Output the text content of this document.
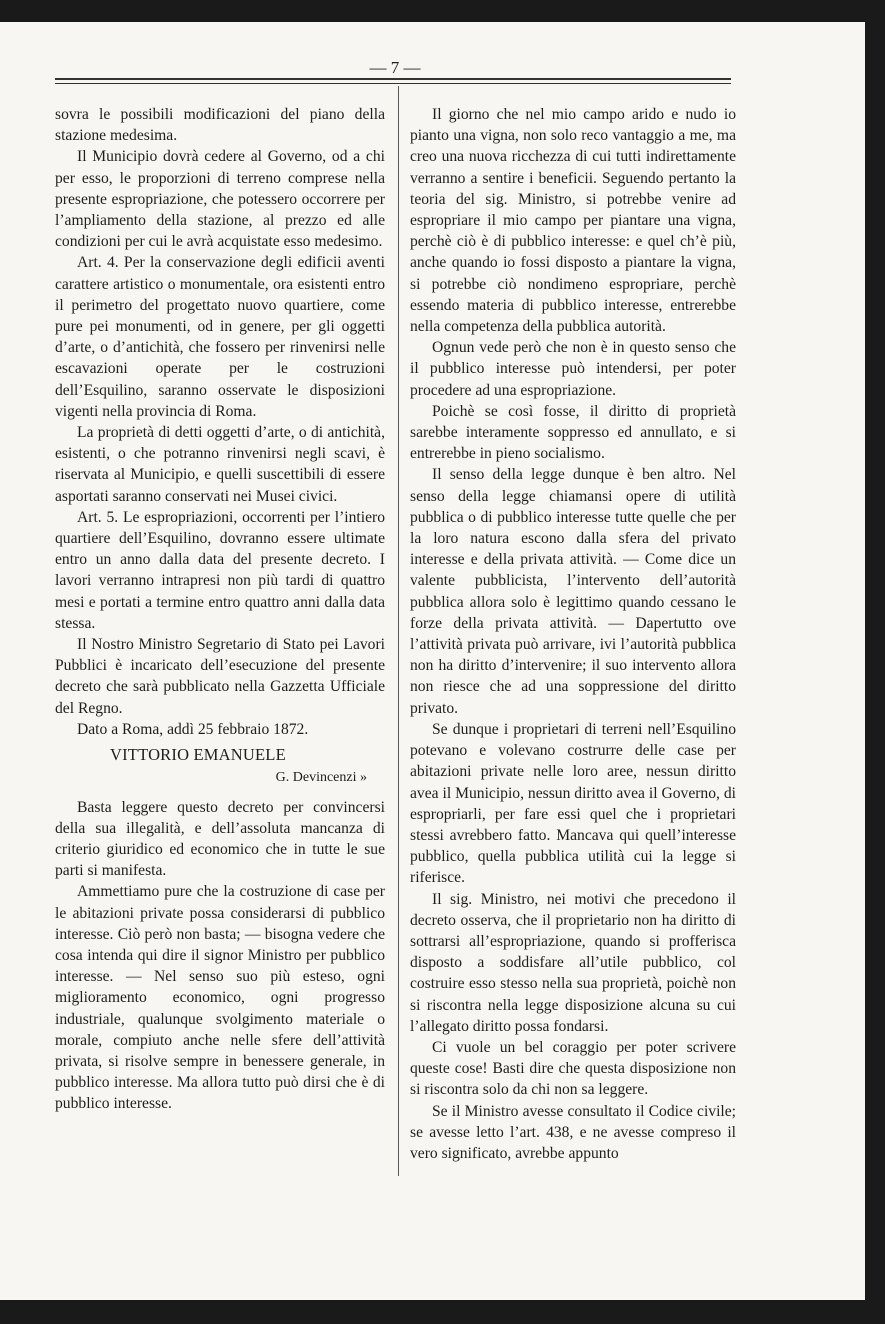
— 7 —

sovra le possibili modificazioni del piano della stazione medesima.

Il Municipio dovrà cedere al Governo, od a chi per esso, le proporzioni di terreno comprese nella presente espropriazione, che potessero occorrere per l’ampliamento della stazione, al prezzo ed alle condizioni per cui le avrà acquistate esso medesimo.

Art. 4. Per la conservazione degli edificii aventi carattere artistico o monumentale, ora esistenti entro il perimetro del progettato nuovo quartiere, come pure pei monumenti, od in genere, per gli oggetti d’arte, o d’antichità, che fossero per rinvenirsi nelle escavazioni operate per le costruzioni dell’Esquilino, saranno osservate le disposizioni vigenti nella provincia di Roma.

La proprietà di detti oggetti d’arte, o di antichità, esistenti, o che potranno rinvenirsi negli scavi, è riservata al Municipio, e quelli suscettibili di essere asportati saranno conservati nei Musei civici.

Art. 5. Le espropriazioni, occorrenti per l’intiero quartiere dell’Esquilino, dovranno essere ultimate entro un anno dalla data del presente decreto. I lavori verranno intrapresi non più tardi di quattro mesi e portati a termine entro quattro anni dalla data stessa.

Il Nostro Ministro Segretario di Stato pei Lavori Pubblici è incaricato dell’esecuzione del presente decreto che sarà pubblicato nella Gazzetta Ufficiale del Regno.

Dato a Roma, addì 25 febbraio 1872.

VITTORIO EMANUELE

G. Devincenzi »

Basta leggere questo decreto per convincersi della sua illegalità, e dell’assoluta mancanza di criterio giuridico ed economico che in tutte le sue parti si manifesta.

Ammettiamo pure che la costruzione di case per le abitazioni private possa considerarsi di pubblico interesse. Ciò però non basta; — bisogna vedere che cosa intenda qui dire il signor Ministro per pubblico interesse. — Nel senso suo più esteso, ogni miglioramento economico, ogni progresso industriale, qualunque svolgimento materiale o morale, compiuto anche nelle sfere dell’attività privata, si risolve sempre in benessere generale, in pubblico interesse. Ma allora tutto può dirsi che è di pubblico interesse.

Il giorno che nel mio campo arido e nudo io pianto una vigna, non solo reco vantaggio a me, ma creo una nuova ricchezza di cui tutti indirettamente verranno a sentire i beneficii. Seguendo pertanto la teoria del sig. Ministro, si potrebbe venire ad espropriare il mio campo per piantare una vigna, perchè ciò è di pubblico interesse: e quel ch’è più, anche quando io fossi disposto a piantare la vigna, si potrebbe ciò nondimeno espropriare, perchè essendo materia di pubblico interesse, entrerebbe nella competenza della pubblica autorità.

Ognun vede però che non è in questo senso che il pubblico interesse può intendersi, per poter procedere ad una espropriazione.

Poichè se così fosse, il diritto di proprietà sarebbe interamente soppresso ed annullato, e si entrerebbe in pieno socialismo.

Il senso della legge dunque è ben altro. Nel senso della legge chiamansi opere di utilità pubblica o di pubblico interesse tutte quelle che per la loro natura escono dalla sfera del privato interesse e della privata attività. — Come dice un valente pubblicista, l’intervento dell’autorità pubblica allora solo è legittimo quando cessano le forze della privata attività. — Dapertutto ove l’attività privata può arrivare, ivi l’autorità pubblica non ha diritto d’intervenire; il suo intervento allora non riesce che ad una soppressione del diritto privato.

Se dunque i proprietari di terreni nell’Esquilino potevano e volevano costrurre delle case per abitazioni private nelle loro aree, nessun diritto avea il Municipio, nessun diritto avea il Governo, di espropriarli, per fare essi quel che i proprietari stessi avrebbero fatto. Mancava qui quell’interesse pubblico, quella pubblica utilità cui la legge si riferisce.

Il sig. Ministro, nei motivi che precedono il decreto osserva, che il proprietario non ha diritto di sottrarsi all’espropriazione, quando si profferisca disposto a soddisfare all’utile pubblico, col costruire esso stesso nella sua proprietà, poichè non si riscontra nella legge disposizione alcuna su cui l’allegato diritto possa fondarsi.

Ci vuole un bel coraggio per poter scrivere queste cose! Basti dire che questa disposizione non si riscontra solo da chi non sa leggere.

Se il Ministro avesse consultato il Codice civile; se avesse letto l’art. 438, e ne avesse compreso il vero significato, avrebbe appunto
